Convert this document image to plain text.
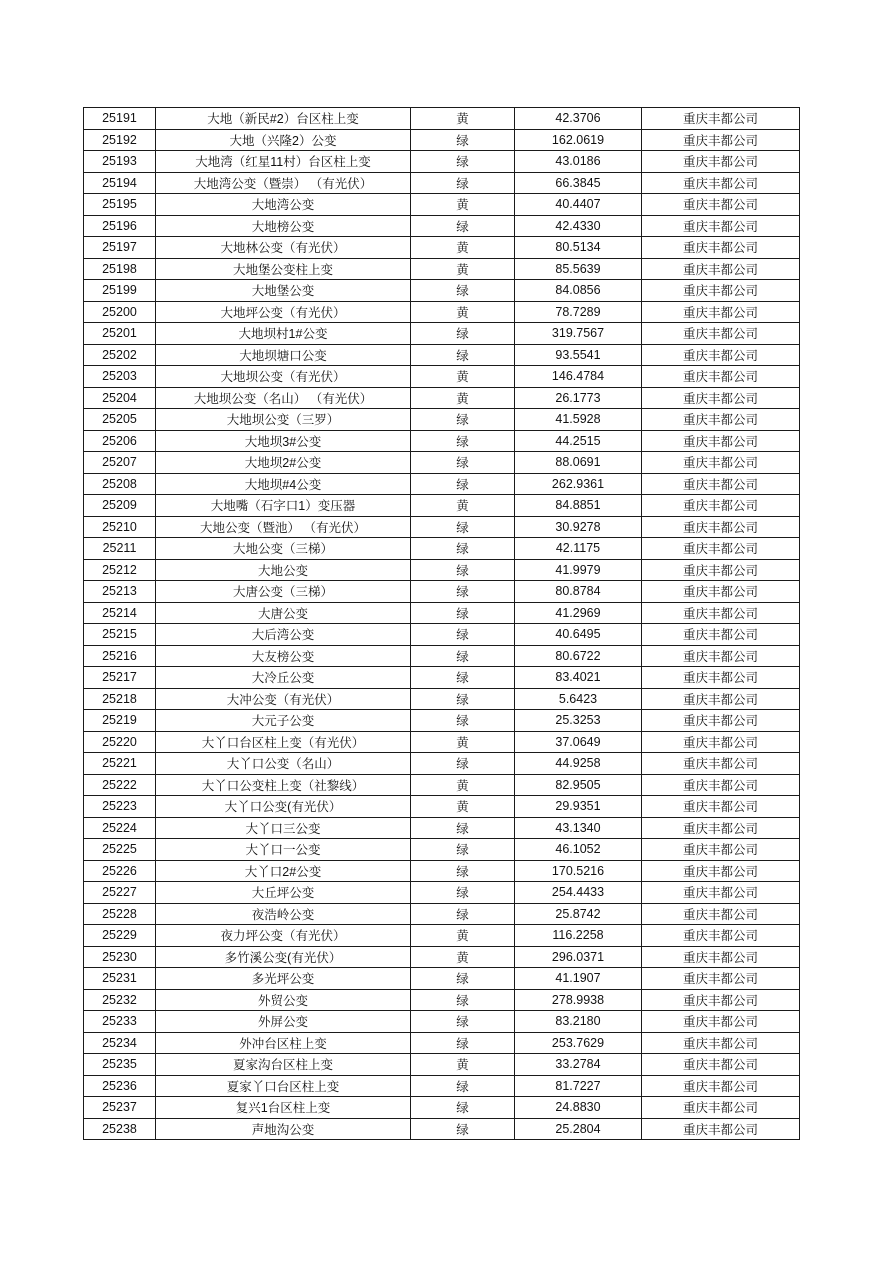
25191	大地（新民#2）台区柱上变	黄	42.3706	重庆丰都公司
25192	大地（兴隆2）公变	绿	162.0619	重庆丰都公司
25193	大地湾（红星11村）台区柱上变	绿	43.0186	重庆丰都公司
25194	大地湾公变（暨崇） （有光伏）	绿	66.3845	重庆丰都公司
25195	大地湾公变	黄	40.4407	重庆丰都公司
25196	大地榜公变	绿	42.4330	重庆丰都公司
25197	大地林公变（有光伏）	黄	80.5134	重庆丰都公司
25198	大地堡公变柱上变	黄	85.5639	重庆丰都公司
25199	大地堡公变	绿	84.0856	重庆丰都公司
25200	大地坪公变（有光伏）	黄	78.7289	重庆丰都公司
25201	大地坝村1#公变	绿	319.7567	重庆丰都公司
25202	大地坝塘口公变	绿	93.5541	重庆丰都公司
25203	大地坝公变（有光伏）	黄	146.4784	重庆丰都公司
25204	大地坝公变（名山） （有光伏）	黄	26.1773	重庆丰都公司
25205	大地坝公变（三罗）	绿	41.5928	重庆丰都公司
25206	大地坝3#公变	绿	44.2515	重庆丰都公司
25207	大地坝2#公变	绿	88.0691	重庆丰都公司
25208	大地坝#4公变	绿	262.9361	重庆丰都公司
25209	大地嘴（石字口1）变压器	黄	84.8851	重庆丰都公司
25210	大地公变（暨池） （有光伏）	绿	30.9278	重庆丰都公司
25211	大地公变（三梯）	绿	42.1175	重庆丰都公司
25212	大地公变	绿	41.9979	重庆丰都公司
25213	大唐公变（三梯）	绿	80.8784	重庆丰都公司
25214	大唐公变	绿	41.2969	重庆丰都公司
25215	大后湾公变	绿	40.6495	重庆丰都公司
25216	大友榜公变	绿	80.6722	重庆丰都公司
25217	大冷丘公变	绿	83.4021	重庆丰都公司
25218	大冲公变（有光伏）	绿	5.6423	重庆丰都公司
25219	大元子公变	绿	25.3253	重庆丰都公司
25220	大丫口台区柱上变（有光伏）	黄	37.0649	重庆丰都公司
25221	大丫口公变（名山）	绿	44.9258	重庆丰都公司
25222	大丫口公变柱上变（社黎线）	黄	82.9505	重庆丰都公司
25223	大丫口公变(有光伏）	黄	29.9351	重庆丰都公司
25224	大丫口三公变	绿	43.1340	重庆丰都公司
25225	大丫口一公变	绿	46.1052	重庆丰都公司
25226	大丫口2#公变	绿	170.5216	重庆丰都公司
25227	大丘坪公变	绿	254.4433	重庆丰都公司
25228	夜浩岭公变	绿	25.8742	重庆丰都公司
25229	夜力坪公变（有光伏）	黄	116.2258	重庆丰都公司
25230	多竹溪公变(有光伏）	黄	296.0371	重庆丰都公司
25231	多光坪公变	绿	41.1907	重庆丰都公司
25232	外贸公变	绿	278.9938	重庆丰都公司
25233	外屏公变	绿	83.2180	重庆丰都公司
25234	外冲台区柱上变	绿	253.7629	重庆丰都公司
25235	夏家沟台区柱上变	黄	33.2784	重庆丰都公司
25236	夏家丫口台区柱上变	绿	81.7227	重庆丰都公司
25237	复兴1台区柱上变	绿	24.8830	重庆丰都公司
25238	声地沟公变	绿	25.2804	重庆丰都公司
